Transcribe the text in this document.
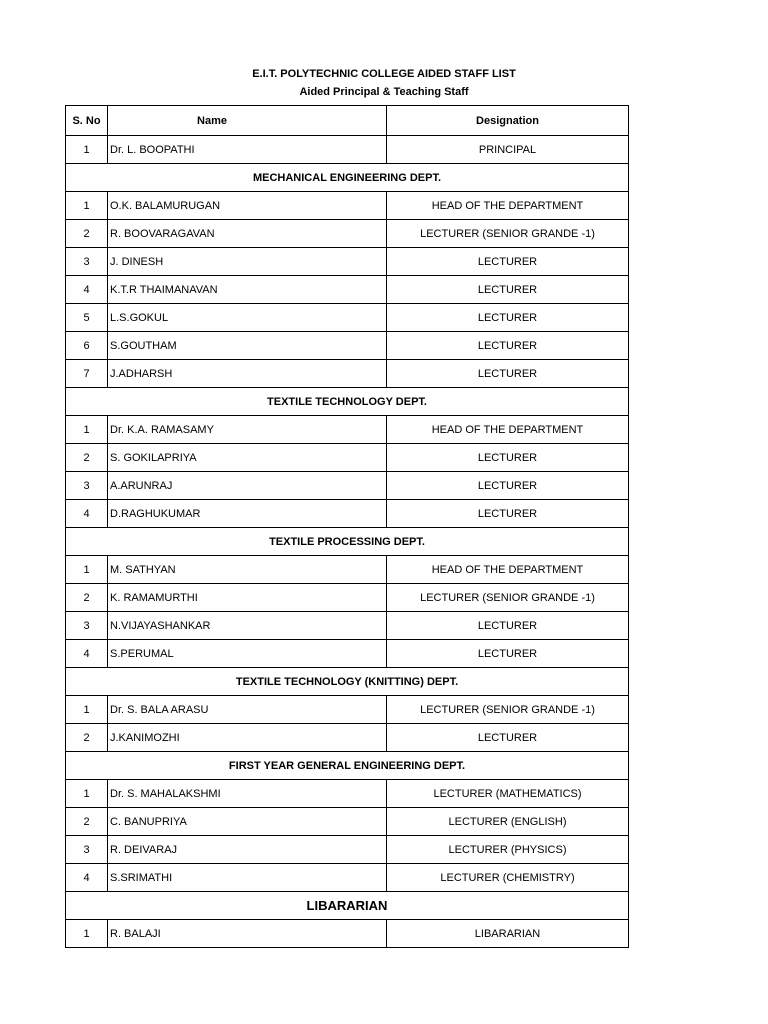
E.I.T. POLYTECHNIC COLLEGE AIDED STAFF LIST
Aided Principal & Teaching Staff
S. No	Name	Designation
1	Dr. L. BOOPATHI	PRINCIPAL
MECHANICAL ENGINEERING DEPT.		
1	O.K. BALAMURUGAN	HEAD OF THE DEPARTMENT
2	R. BOOVARAGAVAN	LECTURER (SENIOR GRANDE -1)
3	J. DINESH	LECTURER
4	K.T.R THAIMANAVAN	LECTURER
5	L.S.GOKUL	LECTURER
6	S.GOUTHAM	LECTURER
7	J.ADHARSH	LECTURER
TEXTILE TECHNOLOGY DEPT.		
1	Dr. K.A. RAMASAMY	HEAD OF THE DEPARTMENT
2	S. GOKILAPRIYA	LECTURER
3	A.ARUNRAJ	LECTURER
4	D.RAGHUKUMAR	LECTURER
TEXTILE PROCESSING DEPT.		
1	M. SATHYAN	HEAD OF THE DEPARTMENT
2	K. RAMAMURTHI	LECTURER (SENIOR GRANDE -1)
3	N.VIJAYASHANKAR	LECTURER
4	S.PERUMAL	LECTURER
TEXTILE TECHNOLOGY (KNITTING) DEPT.		
1	Dr. S. BALA ARASU	LECTURER (SENIOR GRANDE -1)
2	J.KANIMOZHI	LECTURER
FIRST YEAR GENERAL ENGINEERING DEPT.		
1	Dr. S. MAHALAKSHMI	LECTURER (MATHEMATICS)
2	C. BANUPRIYA	LECTURER (ENGLISH)
3	R. DEIVARAJ	LECTURER (PHYSICS)
4	S.SRIMATHI	LECTURER (CHEMISTRY)
LIBARARIAN		
1	R. BALAJI	LIBARARIAN
